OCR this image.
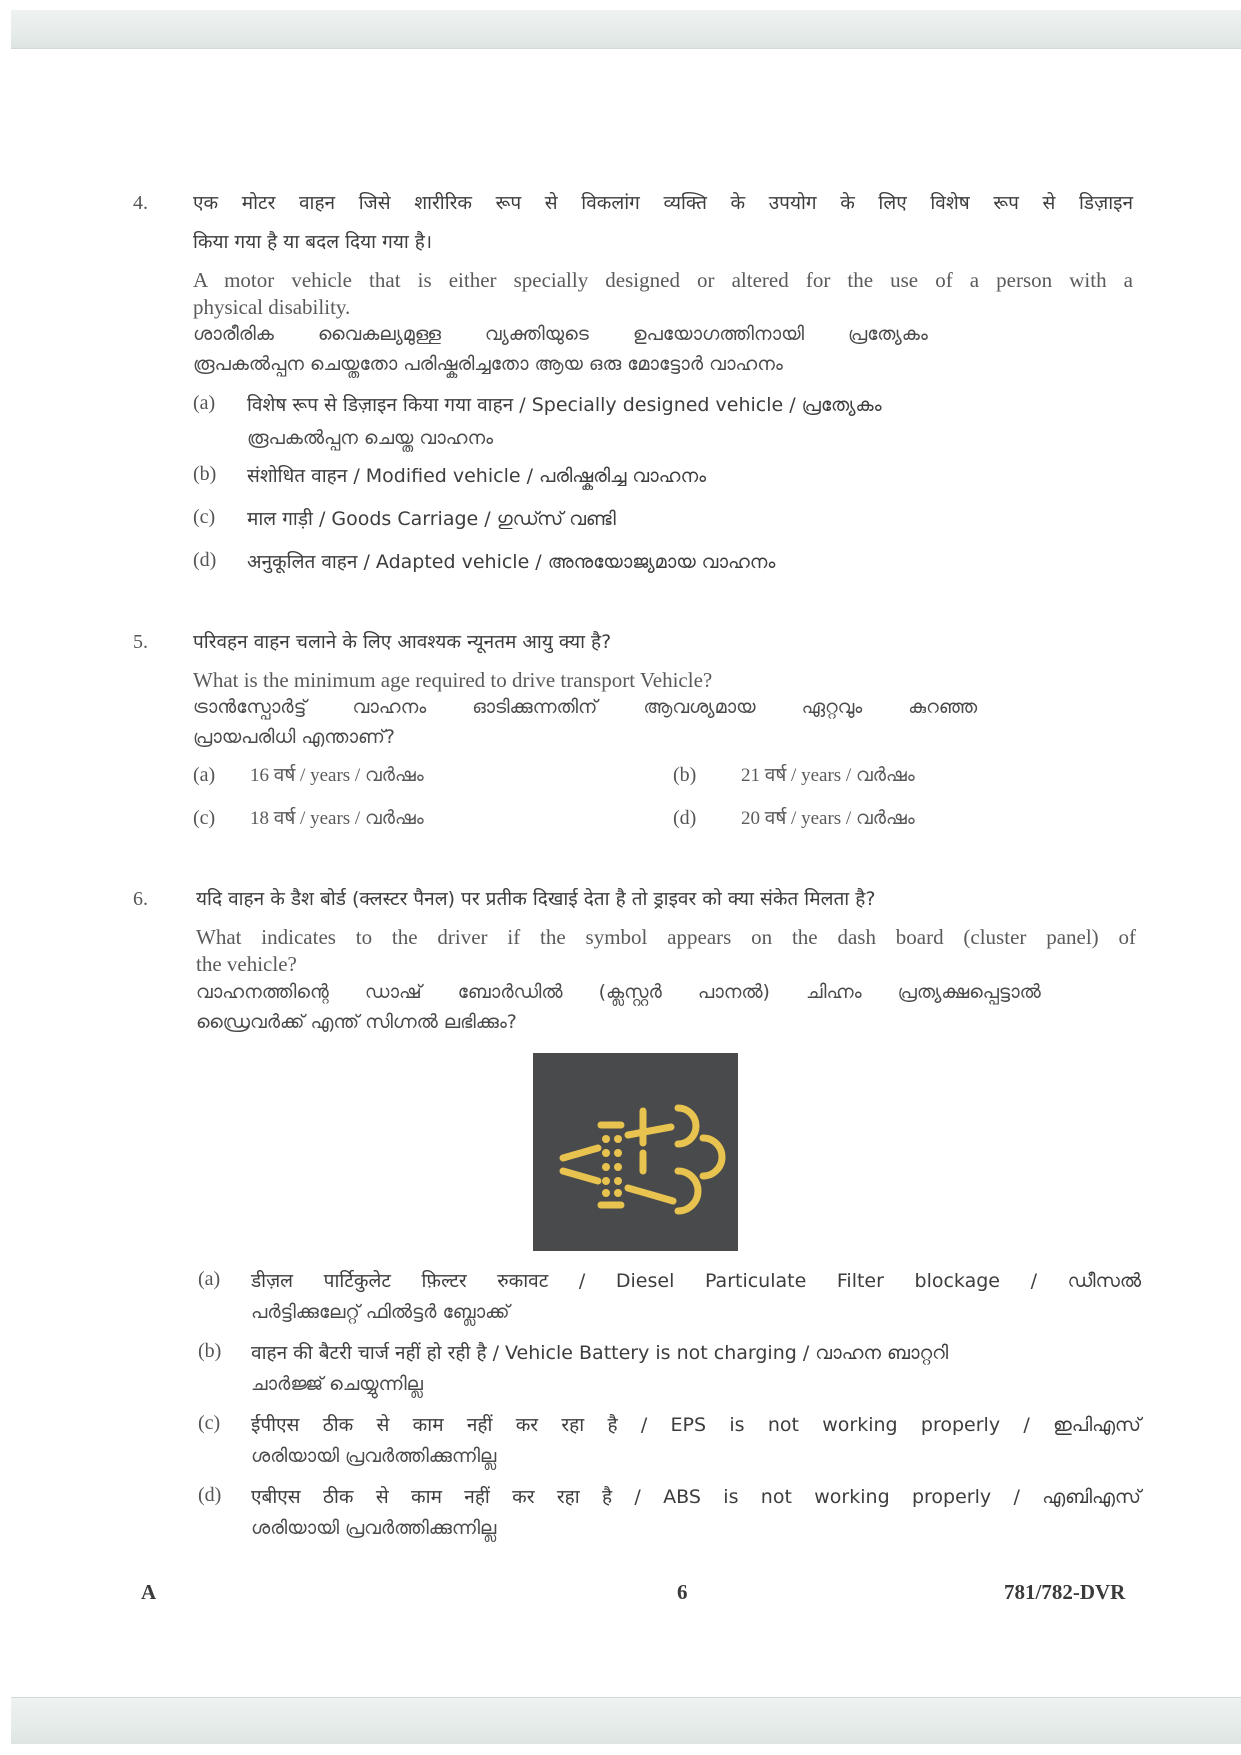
4. एक मोटर वाहन जिसे शारीरिक रूप से विकलांग व्यक्ति के उपयोग के लिए विशेष रूप से डिज़ाइन
किया गया है या बदल दिया गया है।
A motor vehicle that is either specially designed or altered for the use of a person with a
physical disability.
ശാരീരിക വൈകല്യമുള്ള വ്യക്തിയുടെ ഉപയോഗത്തിനായി പ്രത്യേകം
രൂപകൽപ്പന ചെയ്തതോ പരിഷ്കരിച്ചതോ ആയ ഒരു മോട്ടോർ വാഹനം
(a) विशेष रूप से डिज़ाइन किया गया वाहन / Specially designed vehicle / പ്രത്യേകം
രൂപകൽപ്പന ചെയ്ത വാഹനം
(b) संशोधित वाहन / Modified vehicle / പരിഷ്കരിച്ച വാഹനം
(c) माल गाड़ी / Goods Carriage / ഗുഡ്സ് വണ്ടി
(d) अनुकूलित वाहन / Adapted vehicle / അനുയോജ്യമായ വാഹനം
5. परिवहन वाहन चलाने के लिए आवश्यक न्यूनतम आयु क्या है?
What is the minimum age required to drive transport Vehicle?
ട്രാൻസ്പോർട്ട് വാഹനം ഓടിക്കുന്നതിന് ആവശ്യമായ ഏറ്റവും കുറഞ്ഞ
പ്രായപരിധി എന്താണ്?
(a) 16 वर्ष / years / വർഷം	(b) 21 वर्ष / years / വർഷം
(c) 18 वर्ष / years / വർഷം	(d) 20 वर्ष / years / വർഷം
6.	यदि वाहन के डैश बोर्ड (क्लस्टर पैनल) पर प्रतीक दिखाई देता है तो ड्राइवर को क्या संकेत मिलता है?
What indicates to the driver if the symbol appears on the dash board (cluster panel) of
the vehicle?
വാഹനത്തിന്റെ ഡാഷ് ബോർഡിൽ (ക്ലസ്റ്റർ പാനൽ) ചിഹ്നം പ്രത്യക്ഷപ്പെട്ടാൽ
ഡ്രൈവർക്ക് എന്ത് സിഗ്നൽ ലഭിക്കും?
(a) डीज़ल पार्टिकुलेट फ़िल्टर रुकावट / Diesel Particulate Filter blockage / ഡീസൽ
പർട്ടിക്കുലേറ്റ് ഫിൽട്ടർ ബ്ലോക്ക്
(b) वाहन की बैटरी चार्ज नहीं हो रही है / Vehicle Battery is not charging / വാഹന ബാറ്ററി
ചാർജ്ജ് ചെയ്യുന്നില്ല
(c) ईपीएस ठीक से काम नहीं कर रहा है / EPS is not working properly / ഇപിഎസ്
ശരിയായി പ്രവർത്തിക്കുന്നില്ല
(d) एबीएस ठीक से काम नहीं कर रहा है / ABS is not working properly / എബിഎസ്
ശരിയായി പ്രവർത്തിക്കുന്നില്ല
A	6	781/782-DVR
